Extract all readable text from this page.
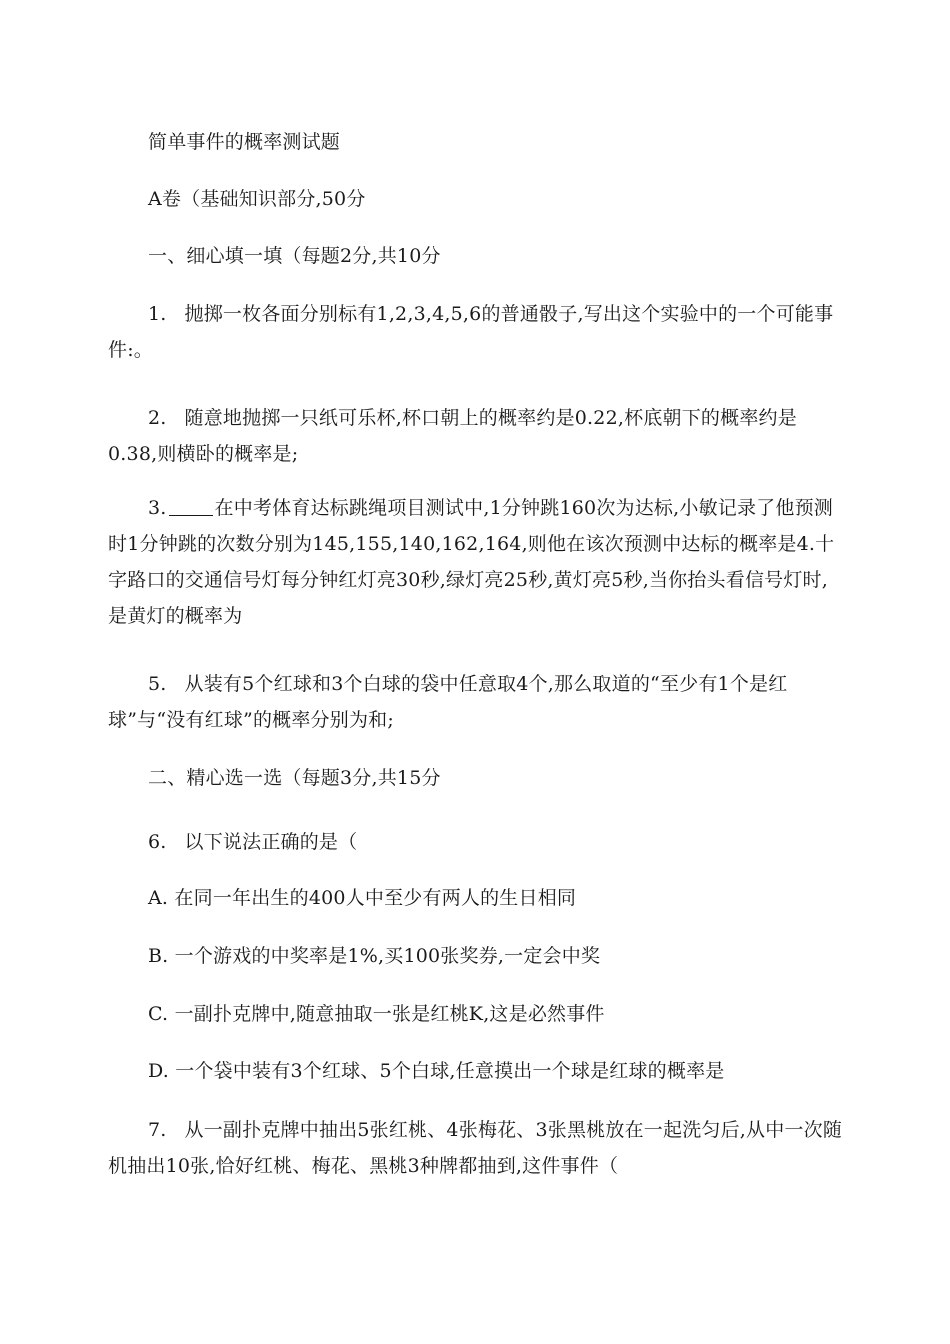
简单事件的概率测试题

A卷（基础知识部分,50分

一、细心填一填（每题2分,共10分

1. 抛掷一枚各面分别标有1,2,3,4,5,6的普通骰子,写出这个实验中的一个可能事件:。

2. 随意地抛掷一只纸可乐杯,杯口朝上的概率约是0.22,杯底朝下的概率约是0.38,则横卧的概率是;

3.	在中考体育达标跳绳项目测试中,1分钟跳160次为达标,小敏记录了他预测时1分钟跳的次数分别为145,155,140,162,164,则他在该次预测中达标的概率是4.十字路口的交通信号灯每分钟红灯亮30秒,绿灯亮25秒,黄灯亮5秒,当你抬头看信号灯时,是黄灯的概率为

5. 从装有5个红球和3个白球的袋中任意取4个,那么取道的“至少有1个是红球”与“没有红球”的概率分别为和;

二、精心选一选（每题3分,共15分

6. 以下说法正确的是（

A. 在同一年出生的400人中至少有两人的生日相同

B. 一个游戏的中奖率是1%,买100张奖券,一定会中奖

C. 一副扑克牌中,随意抽取一张是红桃K,这是必然事件

D. 一个袋中装有3个红球、5个白球,任意摸出一个球是红球的概率是

7. 从一副扑克牌中抽出5张红桃、4张梅花、3张黑桃放在一起洗匀后,从中一次随机抽出10张,恰好红桃、梅花、黑桃3种牌都抽到,这件事件（
